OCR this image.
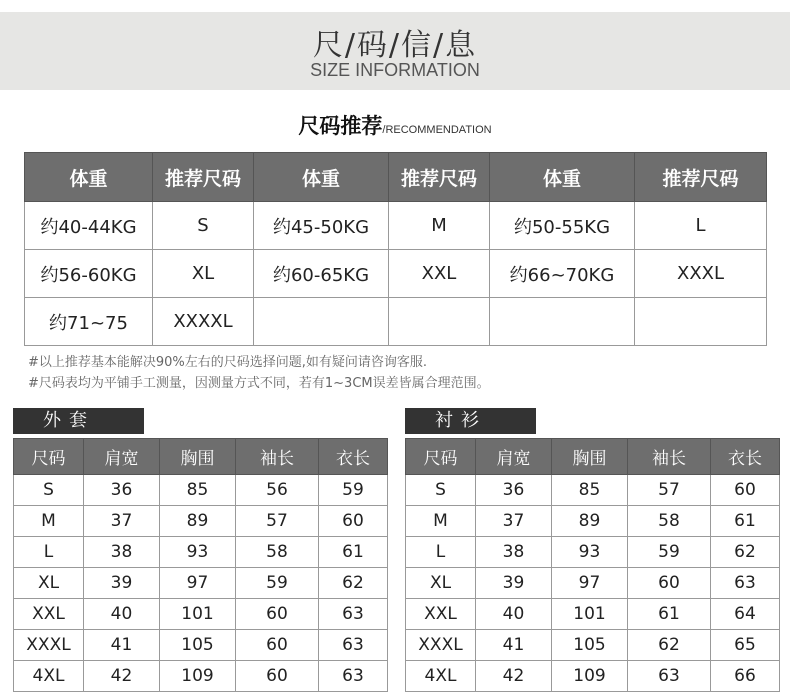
尺/码/信/息
SIZE INFORMATION
尺码推荐/RECOMMENDATION
体重	推荐尺码	体重	推荐尺码	体重	推荐尺码
约40-44KG	S	约45-50KG	M	约50-55KG	L
约56-60KG	XL	约60-65KG	XXL	约66~70KG	XXXL
约71~75	XXXXL				
#以上推荐基本能解决90%左右的尺码选择问题,如有疑问请咨询客服.
#尺码表均为平铺手工测量，因测量方式不同，若有1~3CM误差皆属合理范围。
外套
尺码	肩宽	胸围	袖长	衣长
S	36	85	56	59
M	37	89	57	60
L	38	93	58	61
XL	39	97	59	62
XXL	40	101	60	63
XXXL	41	105	60	63
4XL	42	109	60	63
衬衫
尺码	肩宽	胸围	袖长	衣长
S	36	85	57	60
M	37	89	58	61
L	38	93	59	62
XL	39	97	60	63
XXL	40	101	61	64
XXXL	41	105	62	65
4XL	42	109	63	66
